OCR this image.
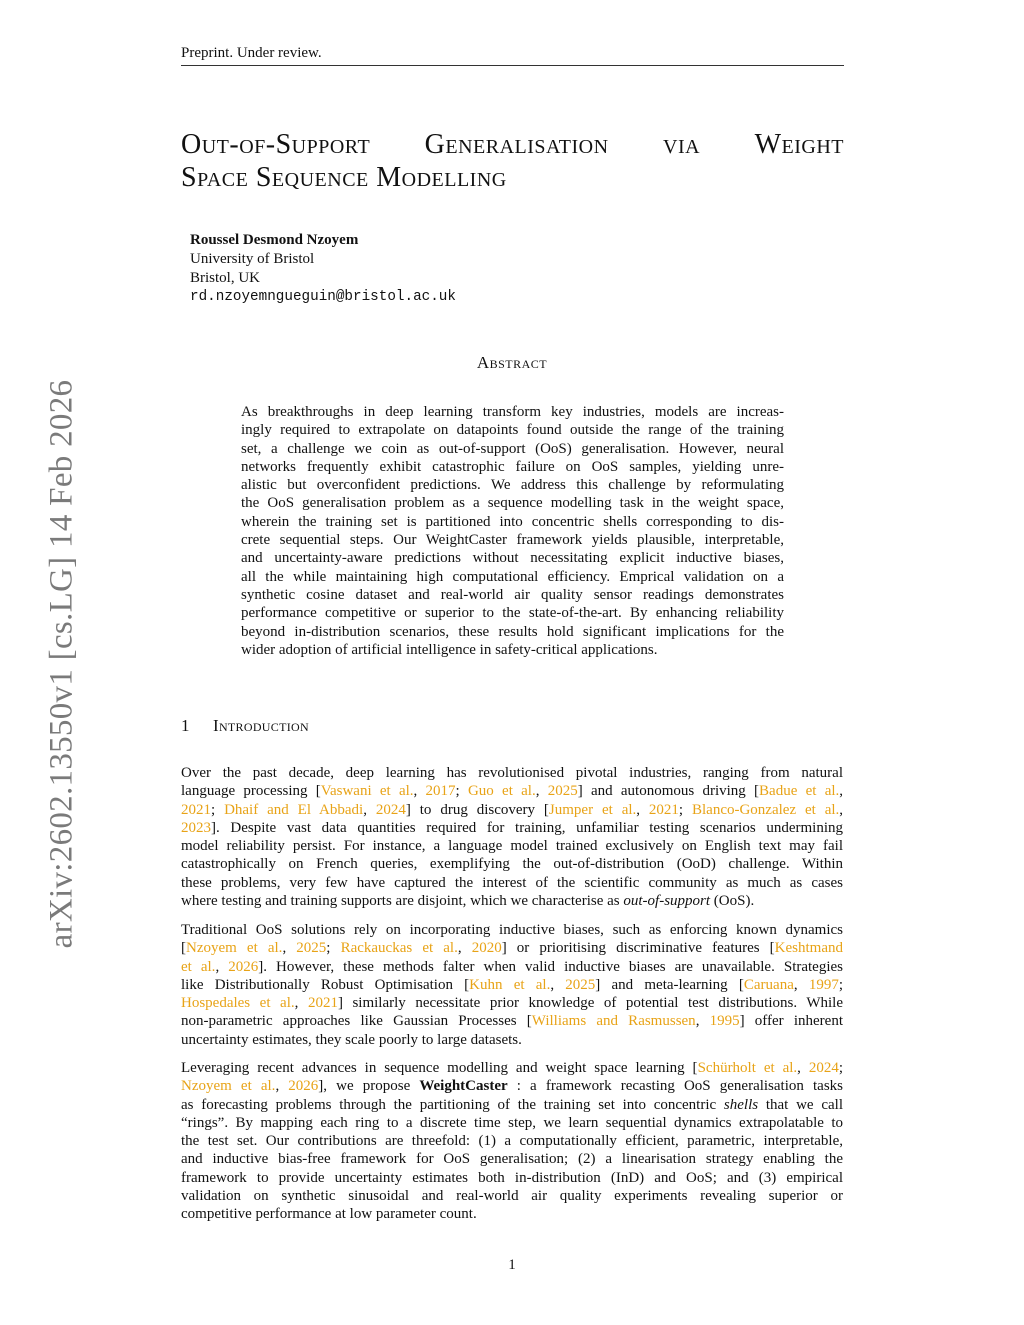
Preprint. Under review.
arXiv:2602.13550v1 [cs.LG] 14 Feb 2026
Out-of-Support Generalisation via Weight
Space Sequence Modelling
Roussel Desmond Nzoyem
University of Bristol
Bristol, UK
rd.nzoyemngueguin@bristol.ac.uk
Abstract
As breakthroughs in deep learning transform key industries, models are increas-
ingly required to extrapolate on datapoints found outside the range of the training
set, a challenge we coin as out-of-support (OoS) generalisation. However, neural
networks frequently exhibit catastrophic failure on OoS samples, yielding unre-
alistic but overconfident predictions. We address this challenge by reformulating
the OoS generalisation problem as a sequence modelling task in the weight space,
wherein the training set is partitioned into concentric shells corresponding to dis-
crete sequential steps. Our WeightCaster framework yields plausible, interpretable,
and uncertainty-aware predictions without necessitating explicit inductive biases,
all the while maintaining high computational efficiency. Emprical validation on a
synthetic cosine dataset and real-world air quality sensor readings demonstrates
performance competitive or superior to the state-of-the-art. By enhancing reliability
beyond in-distribution scenarios, these results hold significant implications for the
wider adoption of artificial intelligence in safety-critical applications.
1 Introduction
Over the past decade, deep learning has revolutionised pivotal industries, ranging from natural
language processing [Vaswani et al., 2017; Guo et al., 2025] and autonomous driving [Badue et al.,
2021; Dhaif and El Abbadi, 2024] to drug discovery [Jumper et al., 2021; Blanco-Gonzalez et al.,
2023]. Despite vast data quantities required for training, unfamiliar testing scenarios undermining
model reliability persist. For instance, a language model trained exclusively on English text may fail
catastrophically on French queries, exemplifying the out-of-distribution (OoD) challenge. Within
these problems, very few have captured the interest of the scientific community as much as cases
where testing and training supports are disjoint, which we characterise as out-of-support (OoS).
Traditional OoS solutions rely on incorporating inductive biases, such as enforcing known dynamics
[Nzoyem et al., 2025; Rackauckas et al., 2020] or prioritising discriminative features [Keshtmand
et al., 2026]. However, these methods falter when valid inductive biases are unavailable. Strategies
like Distributionally Robust Optimisation [Kuhn et al., 2025] and meta-learning [Caruana, 1997;
Hospedales et al., 2021] similarly necessitate prior knowledge of potential test distributions. While
non-parametric approaches like Gaussian Processes [Williams and Rasmussen, 1995] offer inherent
uncertainty estimates, they scale poorly to large datasets.
Leveraging recent advances in sequence modelling and weight space learning [Schürholt et al., 2024;
Nzoyem et al., 2026], we propose WeightCaster : a framework recasting OoS generalisation tasks
as forecasting problems through the partitioning of the training set into concentric shells that we call
“rings”. By mapping each ring to a discrete time step, we learn sequential dynamics extrapolatable to
the test set. Our contributions are threefold: (1) a computationally efficient, parametric, interpretable,
and inductive bias-free framework for OoS generalisation; (2) a linearisation strategy enabling the
framework to provide uncertainty estimates both in-distribution (InD) and OoS; and (3) empirical
validation on synthetic sinusoidal and real-world air quality experiments revealing superior or
competitive performance at low parameter count.
1
